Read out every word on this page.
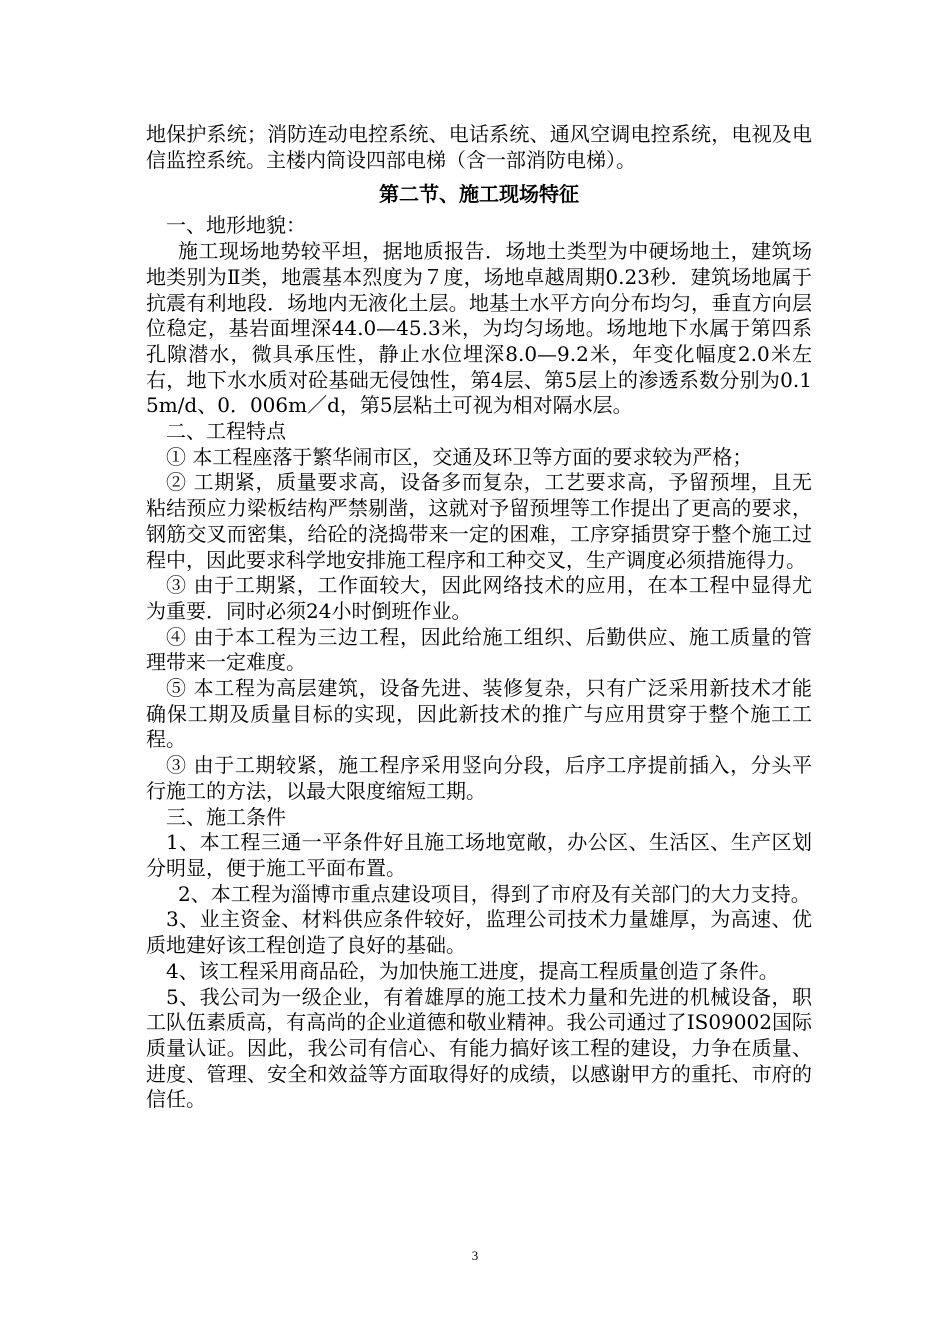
地保护系统；消防连动电控系统、电话系统、通风空调电控系统，电视及电信监控系统。主楼内筒设四部电梯（含一部消防电梯）。

第二节、施工现场特征

一、地形地貌：

施工现场地势较平坦，据地质报告．场地土类型为中硬场地土，建筑场地类别为Ⅱ类，地震基本烈度为７度，场地卓越周期0.23秒．建筑场地属于抗震有利地段．场地内无液化土层。地基土水平方向分布均匀，垂直方向层位稳定，基岩面埋深44.0—45.3米，为均匀场地。场地地下水属于第四系孔隙潜水，微具承压性，静止水位埋深8.0—9.2米，年变化幅度2.0米左右，地下水水质对砼基础无侵蚀性，第4层、第5层上的渗透系数分别为0.15m/d、0．006m／d，第5层粘土可视为相对隔水层。

二、工程特点

① 本工程座落于繁华闹市区，交通及环卫等方面的要求较为严格；

② 工期紧，质量要求高，设备多而复杂，工艺要求高，予留预埋，且无粘结预应力梁板结构严禁剔凿，这就对予留预埋等工作提出了更高的要求，钢筋交叉而密集，给砼的浇捣带来一定的困难，工序穿插贯穿于整个施工过程中，因此要求科学地安排施工程序和工种交叉，生产调度必须措施得力。

③ 由于工期紧，工作面较大，因此网络技术的应用，在本工程中显得尤为重要．同时必须24小时倒班作业。

④ 由于本工程为三边工程，因此给施工组织、后勤供应、施工质量的管理带来一定难度。

⑤ 本工程为高层建筑，设备先进、装修复杂，只有广泛采用新技术才能确保工期及质量目标的实现，因此新技术的推广与应用贯穿于整个施工工程。

③ 由于工期较紧，施工程序采用竖向分段，后序工序提前插入，分头平行施工的方法，以最大限度缩短工期。

三、施工条件

1、本工程三通一平条件好且施工场地宽敞，办公区、生活区、生产区划分明显，便于施工平面布置。

2、本工程为淄博市重点建设项目，得到了市府及有关部门的大力支持。

3、业主资金、材料供应条件较好，监理公司技术力量雄厚，为高速、优质地建好该工程创造了良好的基础。

4、该工程采用商品砼，为加快施工进度，提高工程质量创造了条件。

5、我公司为一级企业，有着雄厚的施工技术力量和先进的机械设备，职工队伍素质高，有高尚的企业道德和敬业精神。我公司通过了IS09002国际质量认证。因此，我公司有信心、有能力搞好该工程的建设，力争在质量、进度、管理、安全和效益等方面取得好的成绩，以感谢甲方的重托、市府的信任。

3
